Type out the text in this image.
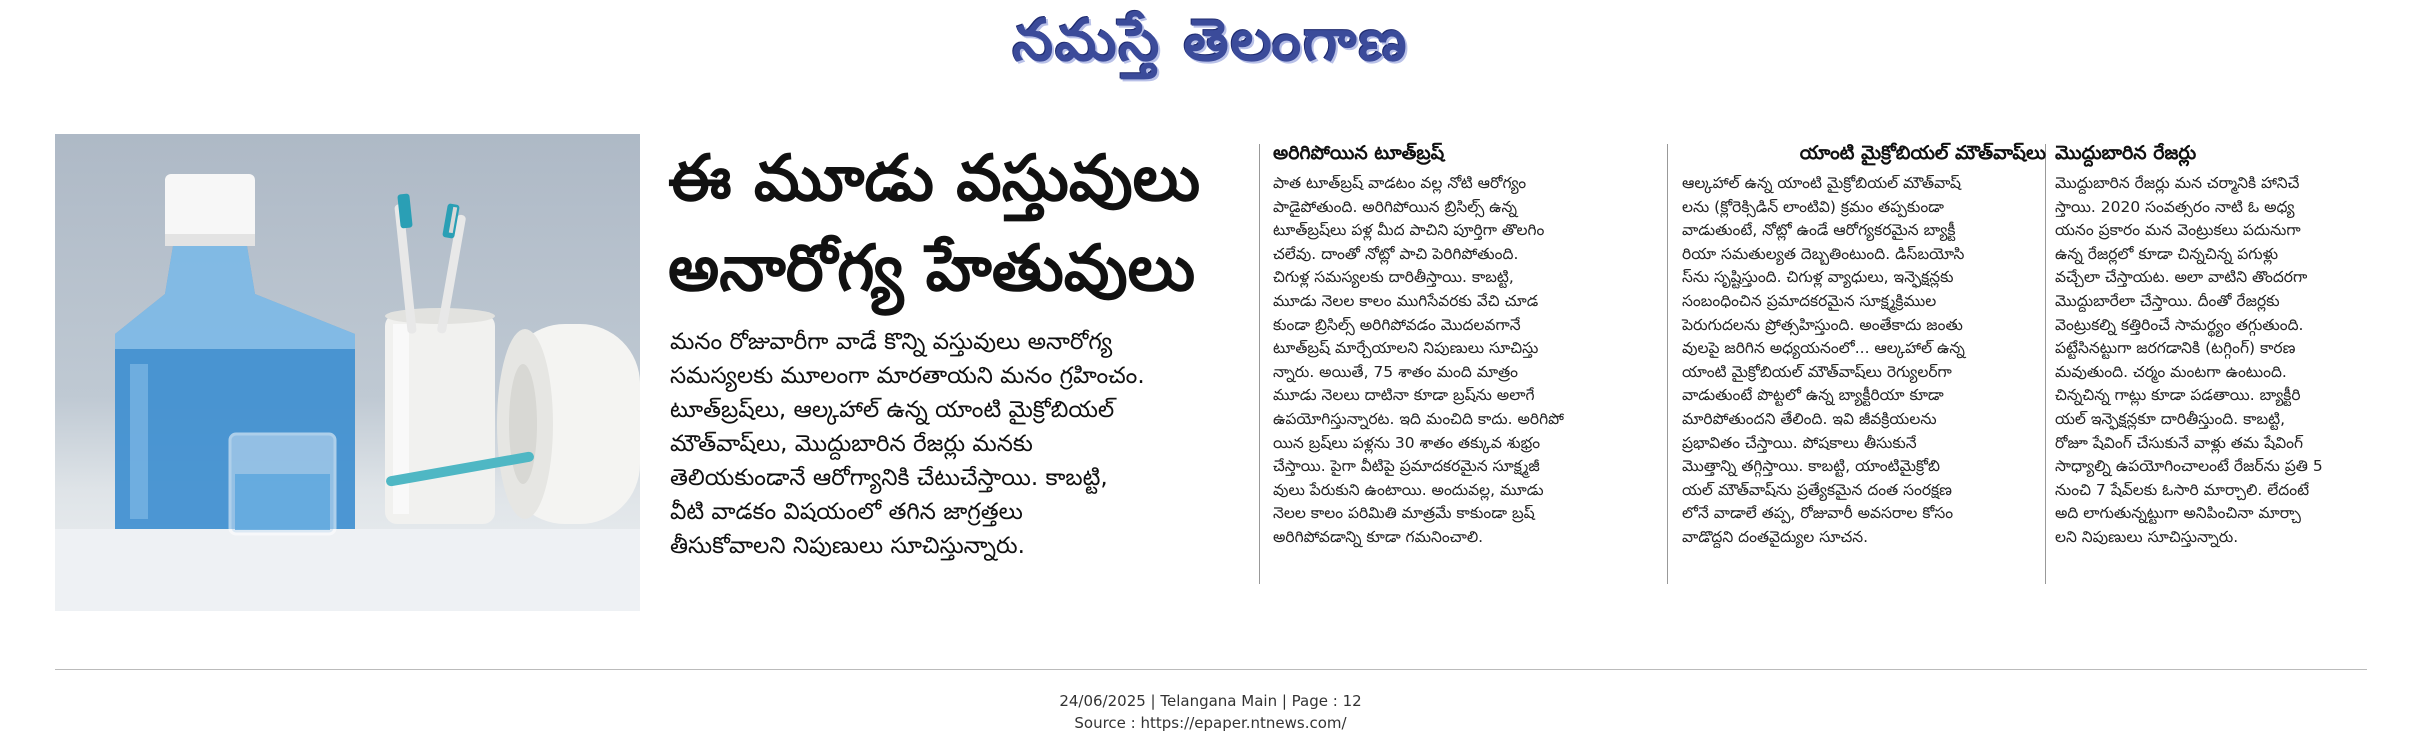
నమస్తే తెలంగాణ
ఈ మూడు వస్తువులు
అనారోగ్య హేతువులు
మనం రోజువారీగా వాడే కొన్ని వస్తువులు అనారోగ్య
సమస్యలకు మూలంగా మారతాయని మనం గ్రహించం.
టూత్‌బ్రష్‌లు, ఆల్కహాల్ ఉన్న యాంటి మైక్రోబియల్
మౌత్‌వాష్‌లు, మొద్దుబారిన రేజర్లు మనకు
తెలియకుండానే ఆరోగ్యానికి చేటుచేస్తాయి. కాబట్టి,
వీటి వాడకం విషయంలో తగిన జాగ్రత్తలు
తీసుకోవాలని నిపుణులు సూచిస్తున్నారు.
అరిగిపోయిన టూత్‌బ్రష్
పాత టూత్‌బ్రష్ వాడటం వల్ల నోటి ఆరోగ్యం
పాడైపోతుంది. అరిగిపోయిన బ్రిసిల్స్ ఉన్న
టూత్‌బ్రష్‌లు పళ్ల మీద పాచిని పూర్తిగా తొలగిం
చలేవు. దాంతో నోట్లో పాచి పెరిగిపోతుంది.
చిగుళ్ల సమస్యలకు దారితీస్తాయి. కాబట్టి,
మూడు నెలల కాలం ముగిసేవరకు వేచి చూడ
కుండా బ్రిసిల్స్ అరిగిపోవడం మొదలవగానే
టూత్‌బ్రష్ మార్చేయాలని నిపుణులు సూచిస్తు
న్నారు. అయితే, 75 శాతం మంది మాత్రం
మూడు నెలలు దాటినా కూడా బ్రష్‌ను అలాగే
ఉపయోగిస్తున్నారట. ఇది మంచిది కాదు. అరిగిపో
యిన బ్రష్‌లు పళ్లను 30 శాతం తక్కువ శుభ్రం
చేస్తాయి. పైగా వీటిపై ప్రమాదకరమైన సూక్ష్మజీ
వులు పేరుకుని ఉంటాయి. అందువల్ల, మూడు
నెలల కాలం పరిమితి మాత్రమే కాకుండా బ్రష్
అరిగిపోవడాన్ని కూడా గమనించాలి.
యాంటి మైక్రోబియల్ మౌత్‌వాష్‌లు
ఆల్కహాల్ ఉన్న యాంటి మైక్రోబియల్ మౌత్‌వాష్
లను (క్లోరెక్సిడిన్ లాంటివి) క్రమం తప్పకుండా
వాడుతుంటే, నోట్లో ఉండే ఆరోగ్యకరమైన బ్యాక్టీ
రియా సమతుల్యత దెబ్బతింటుంది. డిస్‌బయోసి
స్‌ను సృష్టిస్తుంది. చిగుళ్ల వ్యాధులు, ఇన్ఫెక్షన్లకు
సంబంధించిన ప్రమాదకరమైన సూక్ష్మక్రిముల
పెరుగుదలను ప్రోత్సహిస్తుంది. అంతేకాదు జంతు
వులపై జరిగిన అధ్యయనంలో... ఆల్కహాల్ ఉన్న
యాంటి మైక్రోబియల్ మౌత్‌వాష్‌లు రెగ్యులర్‌గా
వాడుతుంటే పొట్టలో ఉన్న బ్యాక్టీరియా కూడా
మారిపోతుందని తేలింది. ఇవి జీవక్రియలను
ప్రభావితం చేస్తాయి. పోషకాలు తీసుకునే
మొత్తాన్ని తగ్గిస్తాయి. కాబట్టి, యాంటిమైక్రోబి
యల్ మౌత్‌వాష్‌ను ప్రత్యేకమైన దంత సంరక్షణ
లోనే వాడాలే తప్ప, రోజువారీ అవసరాల కోసం
వాడొద్దని దంతవైద్యుల సూచన.
మొద్దుబారిన రేజర్లు
మొద్దుబారిన రేజర్లు మన చర్మానికి హానిచే
స్తాయి. 2020 సంవత్సరం నాటి ఓ అధ్య
యనం ప్రకారం మన వెంట్రుకలు పదునుగా
ఉన్న రేజర్లలో కూడా చిన్నచిన్న పగుళ్లు
వచ్చేలా చేస్తాయట. అలా వాటిని తొందరగా
మొద్దుబారేలా చేస్తాయి. దీంతో రేజర్లకు
వెంట్రుకల్ని కత్తిరించే సామర్థ్యం తగ్గుతుంది.
పట్టేసినట్టుగా జరగడానికి (టగ్గింగ్) కారణ
మవుతుంది. చర్మం మంటగా ఉంటుంది.
చిన్నచిన్న గాట్లు కూడా పడతాయి. బ్యాక్టీరి
యల్ ఇన్ఫెక్షన్లకూ దారితీస్తుంది. కాబట్టి,
రోజూ షేవింగ్ చేసుకునే వాళ్లు తమ షేవింగ్
సాధ్యాల్ని ఉపయోగించాలంటే రేజర్‌ను ప్రతి 5
నుంచి 7 షేవ్‌లకు ఓసారి మార్చాలి. లేదంటే
అది లాగుతున్నట్టుగా అనిపించినా మార్చా
లని నిపుణులు సూచిస్తున్నారు.
24/06/2025 | Telangana Main | Page : 12
Source : https://epaper.ntnews.com/
